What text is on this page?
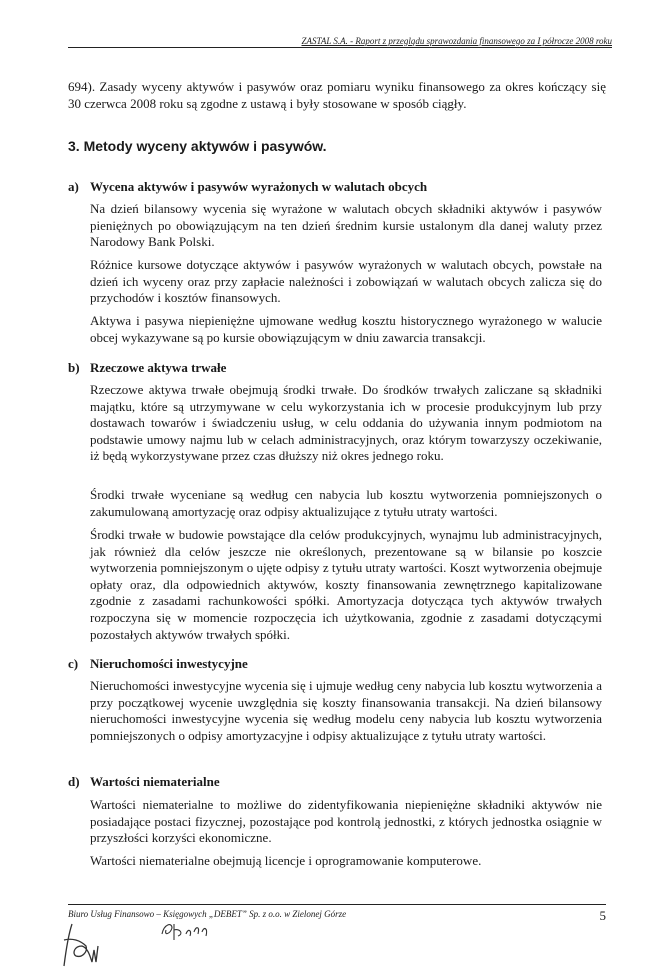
ZASTAL S.A. - Raport z przeglądu sprawozdania finansowego za I półrocze 2008 roku
694). Zasady wyceny aktywów i pasywów oraz pomiaru wyniku finansowego za okres kończący się 30 czerwca 2008 roku są zgodne z ustawą i były stosowane w sposób ciągły.
3. Metody wyceny aktywów i pasywów.
a) Wycena aktywów i pasywów wyrażonych w walutach obcych
Na dzień bilansowy wycenia się wyrażone w walutach obcych składniki aktywów i pasywów pieniężnych po obowiązującym na ten dzień średnim kursie ustalonym dla danej waluty przez Narodowy Bank Polski.
Różnice kursowe dotyczące aktywów i pasywów wyrażonych w walutach obcych, powstałe na dzień ich wyceny oraz przy zapłacie należności i zobowiązań w walutach obcych zalicza się do przychodów i kosztów finansowych.
Aktywa i pasywa niepieniężne ujmowane według kosztu historycznego wyrażonego w walucie obcej wykazywane są po kursie obowiązującym w dniu zawarcia transakcji.
b) Rzeczowe aktywa trwałe
Rzeczowe aktywa trwałe obejmują środki trwałe. Do środków trwałych zaliczane są składniki majątku, które są utrzymywane w celu wykorzystania ich w procesie produkcyjnym lub przy dostawach towarów i świadczeniu usług, w celu oddania do używania innym podmiotom na podstawie umowy najmu lub w celach administracyjnych, oraz którym towarzyszy oczekiwanie, iż będą wykorzystywane przez czas dłuższy niż okres jednego roku.
Środki trwałe wyceniane są według cen nabycia lub kosztu wytworzenia pomniejszonych o zakumulowaną amortyzację oraz odpisy aktualizujące z tytułu utraty wartości.
Środki trwałe w budowie powstające dla celów produkcyjnych, wynajmu lub administracyjnych, jak również dla celów jeszcze nie określonych, prezentowane są w bilansie po koszcie wytworzenia pomniejszonym o ujęte odpisy z tytułu utraty wartości. Koszt wytworzenia obejmuje opłaty oraz, dla odpowiednich aktywów, koszty finansowania zewnętrznego kapitalizowane zgodnie z zasadami rachunkowości spółki. Amortyzacja dotycząca tych aktywów trwałych rozpoczyna się w momencie rozpoczęcia ich użytkowania, zgodnie z zasadami dotyczącymi pozostałych aktywów trwałych spółki.
c) Nieruchomości inwestycyjne
Nieruchomości inwestycyjne wycenia się i ujmuje według ceny nabycia lub kosztu wytworzenia a przy początkowej wycenie uwzględnia się koszty finansowania transakcji. Na dzień bilansowy nieruchomości inwestycyjne wycenia się według modelu ceny nabycia lub kosztu wytworzenia pomniejszonych o odpisy amortyzacyjne i odpisy aktualizujące z tytułu utraty wartości.
d) Wartości niematerialne
Wartości niematerialne to możliwe do zidentyfikowania niepieniężne składniki aktywów nie posiadające postaci fizycznej, pozostające pod kontrolą jednostki, z których jednostka osiągnie w przyszłości korzyści ekonomiczne.
Wartości niematerialne obejmują licencje i oprogramowanie komputerowe.
Biuro Usług Finansowo – Księgowych „DEBET” Sp. z o.o. w Zielonej Górze	5
